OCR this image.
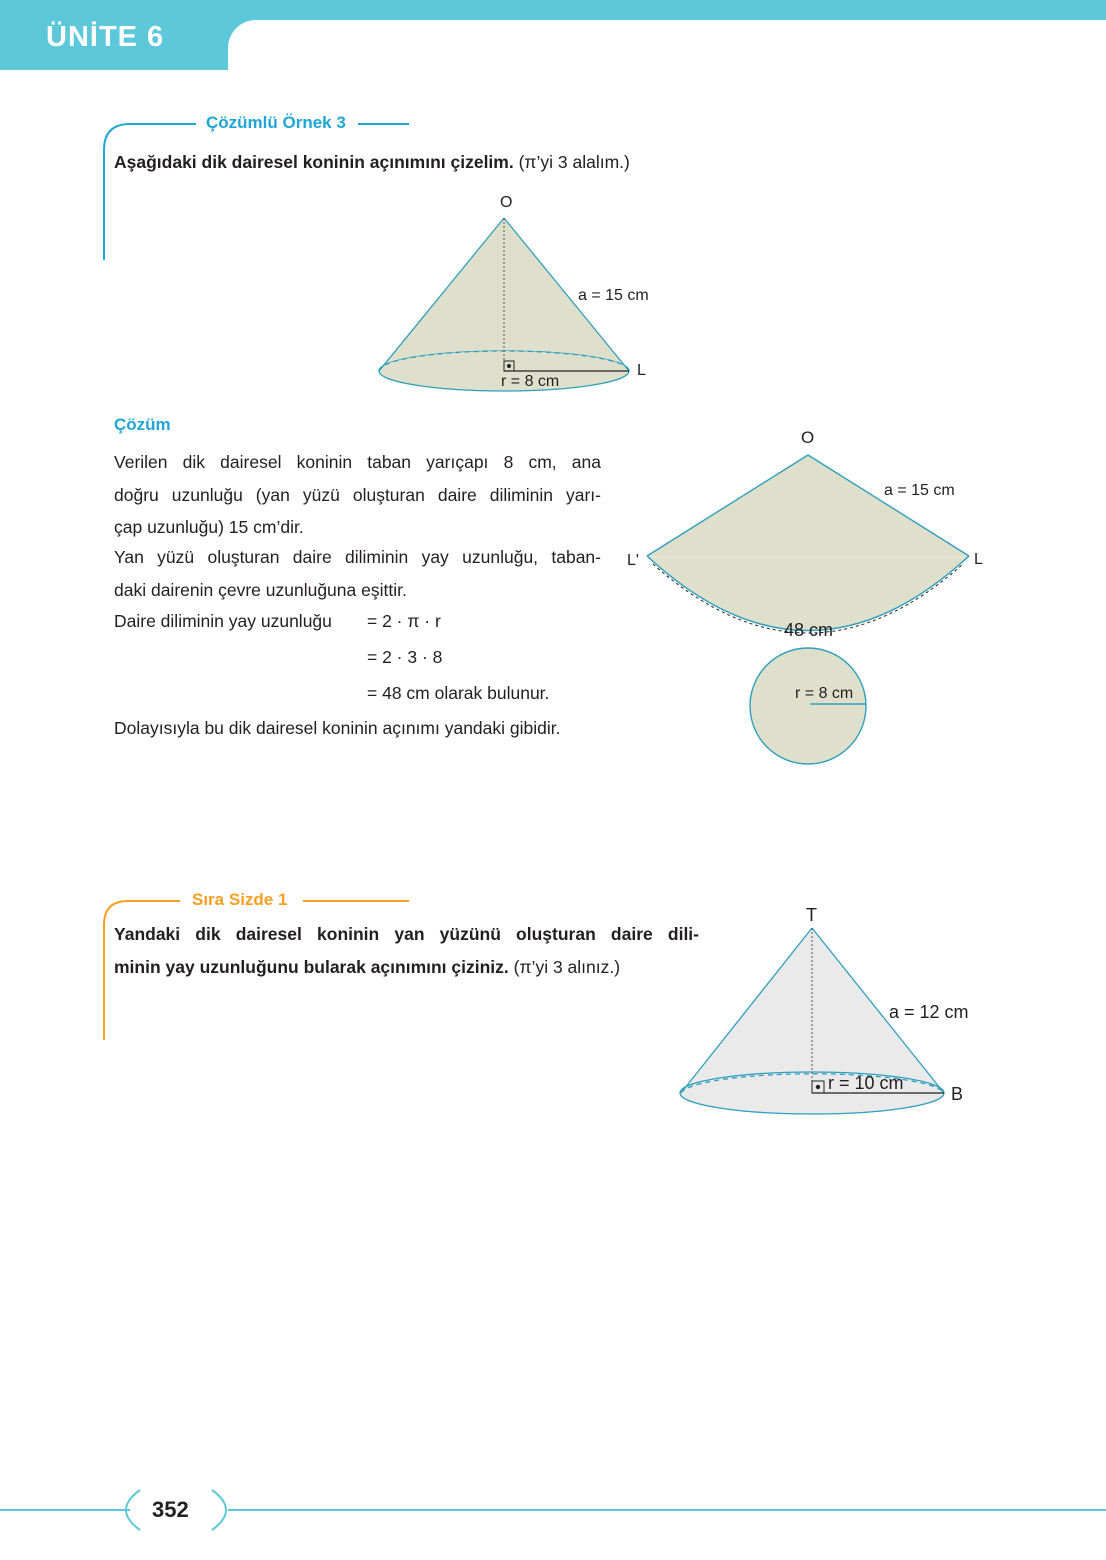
ÜNİTE 6
Çözümlü Örnek 3
Aşağıdaki dik dairesel koninin açınımını çizelim. (π’yi 3 alalım.)
O
a = 15 cm
L
r = 8 cm
Çözüm
Verilen dik dairesel koninin taban yarıçapı 8 cm, ana
doğru uzunluğu (yan yüzü oluşturan daire diliminin yarı-
çap uzunluğu) 15 cm’dir.
Yan yüzü oluşturan daire diliminin yay uzunluğu, taban-
daki dairenin çevre uzunluğuna eşittir.
Daire diliminin yay uzunluğu = 2 · π · r
= 2 · 3 · 8
= 48 cm olarak bulunur.
Dolayısıyla bu dik dairesel koninin açınımı yandaki gibidir.
O
a = 15 cm
L'	L
48 cm
r = 8 cm
Sıra Sizde 1
Yandaki dik dairesel koninin yan yüzünü oluşturan daire dili-
minin yay uzunluğunu bularak açınımını çiziniz. (π’yi 3 alınız.)
T
a = 12 cm
r = 10 cm
B
352
